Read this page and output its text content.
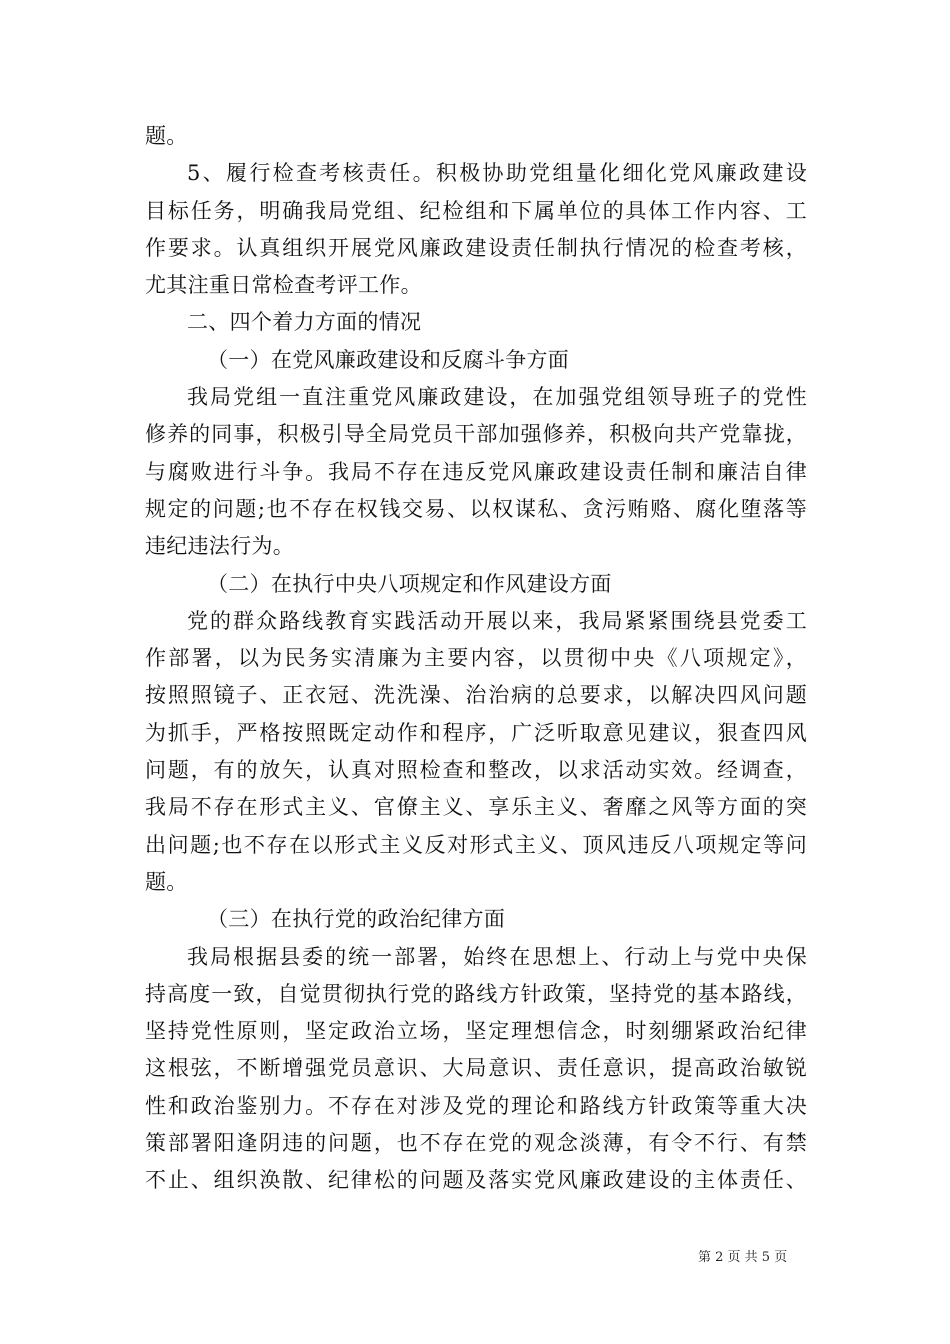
题。
5、履行检查考核责任。积极协助党组量化细化党风廉政建设
目标任务，明确我局党组、纪检组和下属单位的具体工作内容、工
作要求。认真组织开展党风廉政建设责任制执行情况的检查考核，
尤其注重日常检查考评工作。
二、四个着力方面的情况
（一）在党风廉政建设和反腐斗争方面
我局党组一直注重党风廉政建设，在加强党组领导班子的党性
修养的同事，积极引导全局党员干部加强修养，积极向共产党靠拢，
与腐败进行斗争。我局不存在违反党风廉政建设责任制和廉洁自律
规定的问题;也不存在权钱交易、以权谋私、贪污贿赂、腐化堕落等
违纪违法行为。
（二）在执行中央八项规定和作风建设方面
党的群众路线教育实践活动开展以来，我局紧紧围绕县党委工
作部署，以为民务实清廉为主要内容，以贯彻中央《八项规定》，
按照照镜子、正衣冠、洗洗澡、治治病的总要求，以解决四风问题
为抓手，严格按照既定动作和程序，广泛听取意见建议，狠查四风
问题，有的放矢，认真对照检查和整改，以求活动实效。经调查，
我局不存在形式主义、官僚主义、享乐主义、奢靡之风等方面的突
出问题;也不存在以形式主义反对形式主义、顶风违反八项规定等问
题。
（三）在执行党的政治纪律方面
我局根据县委的统一部署，始终在思想上、行动上与党中央保
持高度一致，自觉贯彻执行党的路线方针政策，坚持党的基本路线，
坚持党性原则，坚定政治立场，坚定理想信念，时刻绷紧政治纪律
这根弦，不断增强党员意识、大局意识、责任意识，提高政治敏锐
性和政治鉴别力。不存在对涉及党的理论和路线方针政策等重大决
策部署阳逢阴违的问题，也不存在党的观念淡薄，有令不行、有禁
不止、组织涣散、纪律松的问题及落实党风廉政建设的主体责任、
第 2 页 共 5 页
